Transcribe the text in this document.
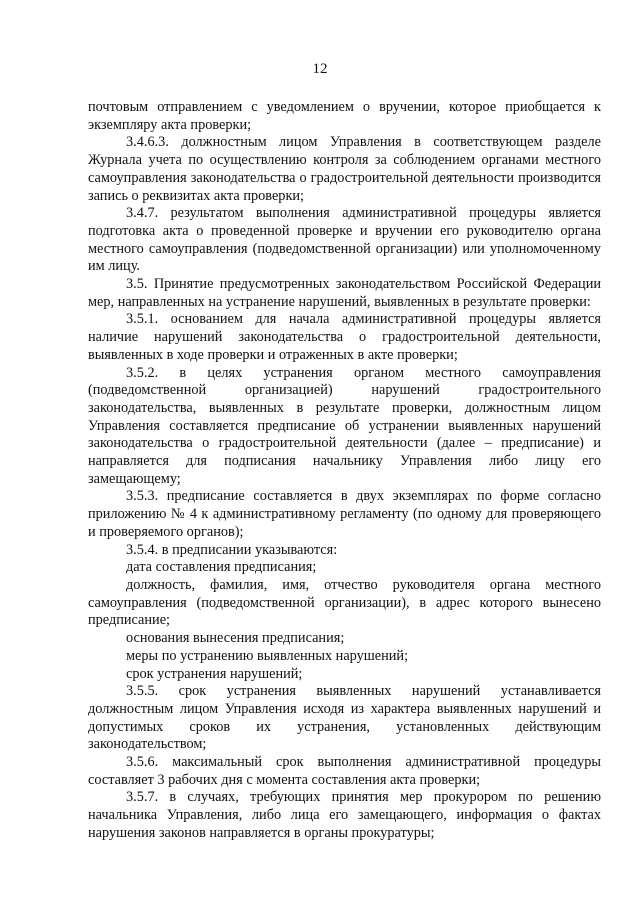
12

почтовым отправлением с уведомлением о вручении, которое приобщается к экземпляру акта проверки;

3.4.6.3. должностным лицом Управления в соответствующем разделе Журнала учета по осуществлению контроля за соблюдением органами местного самоуправления законодательства о градостроительной деятельности производится запись о реквизитах акта проверки;

3.4.7. результатом выполнения административной процедуры является подготовка акта о проведенной проверке и вручении его руководителю органа местного самоуправления (подведомственной организации) или уполномоченному им лицу.

3.5. Принятие предусмотренных законодательством Российской Федерации мер, направленных на устранение нарушений, выявленных в результате проверки:

3.5.1. основанием для начала административной процедуры является наличие нарушений законодательства о градостроительной деятельности, выявленных в ходе проверки и отраженных в акте проверки;

3.5.2. в целях устранения органом местного самоуправления (подведомственной организацией) нарушений градостроительного законодательства, выявленных в результате проверки, должностным лицом Управления составляется предписание об устранении выявленных нарушений законодательства о градостроительной деятельности (далее – предписание) и направляется для подписания начальнику Управления либо лицу его замещающему;

3.5.3. предписание составляется в двух экземплярах по форме согласно приложению № 4 к административному регламенту (по одному для проверяющего и проверяемого органов);

3.5.4. в предписании указываются:

дата составления предписания;

должность, фамилия, имя, отчество руководителя органа местного самоуправления (подведомственной организации), в адрес которого вынесено предписание;

основания вынесения предписания;

меры по устранению выявленных нарушений;

срок устранения нарушений;

3.5.5. срок устранения выявленных нарушений устанавливается должностным лицом Управления исходя из характера выявленных нарушений и допустимых сроков их устранения, установленных действующим законодательством;

3.5.6. максимальный срок выполнения административной процедуры составляет 3 рабочих дня с момента составления акта проверки;

3.5.7. в случаях, требующих принятия мер прокурором по решению начальника Управления, либо лица его замещающего, информация о фактах нарушения законов направляется в органы прокуратуры;
